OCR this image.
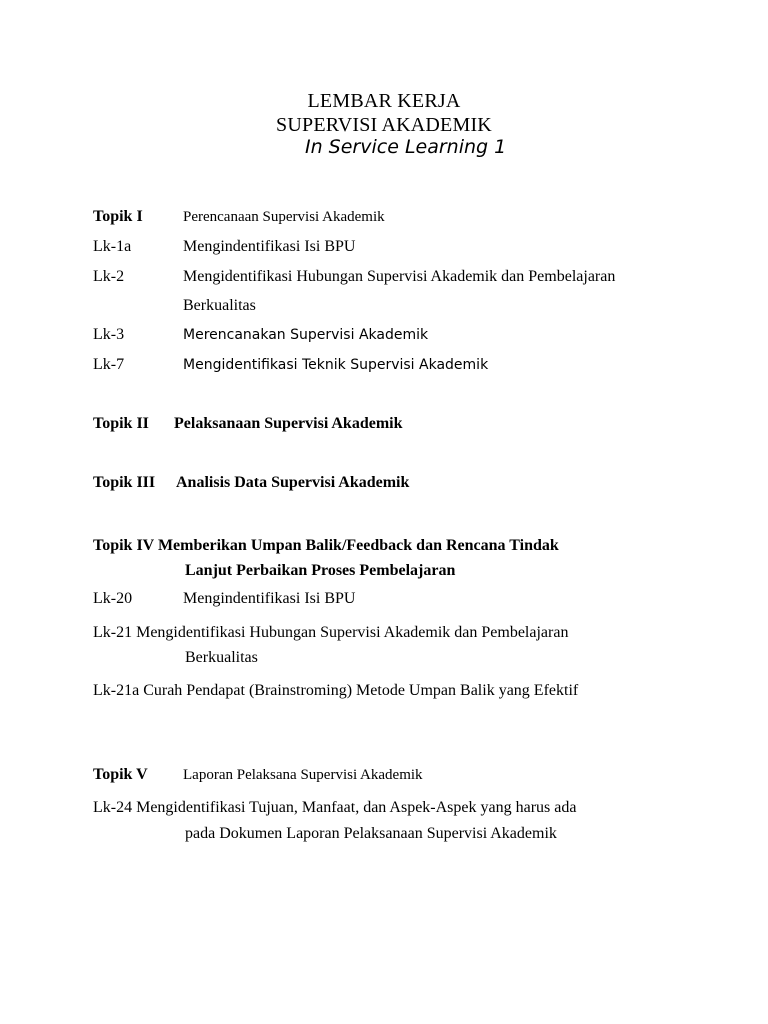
LEMBAR KERJA
SUPERVISI AKADEMIK
In Service Learning 1
Topik I	Perencanaan Supervisi Akademik
Lk-1a	Mengindentifikasi Isi BPU
Lk-2	Mengidentifikasi Hubungan Supervisi Akademik dan Pembelajaran
Berkualitas
Lk-3	Merencanakan Supervisi Akademik
Lk-7	Mengidentifikasi Teknik Supervisi Akademik
Topik II Pelaksanaan Supervisi Akademik
Topik III Analisis Data Supervisi Akademik
Topik IV Memberikan Umpan Balik/Feedback dan Rencana Tindak
Lanjut Perbaikan Proses Pembelajaran
Lk-20	Mengindentifikasi Isi BPU
Lk-21 Mengidentifikasi Hubungan Supervisi Akademik dan Pembelajaran
Berkualitas
Lk-21a Curah Pendapat (Brainstroming) Metode Umpan Balik yang Efektif
Topik V Laporan Pelaksana Supervisi Akademik
Lk-24 Mengidentifikasi Tujuan, Manfaat, dan Aspek-Aspek yang harus ada
pada Dokumen Laporan Pelaksanaan Supervisi Akademik
